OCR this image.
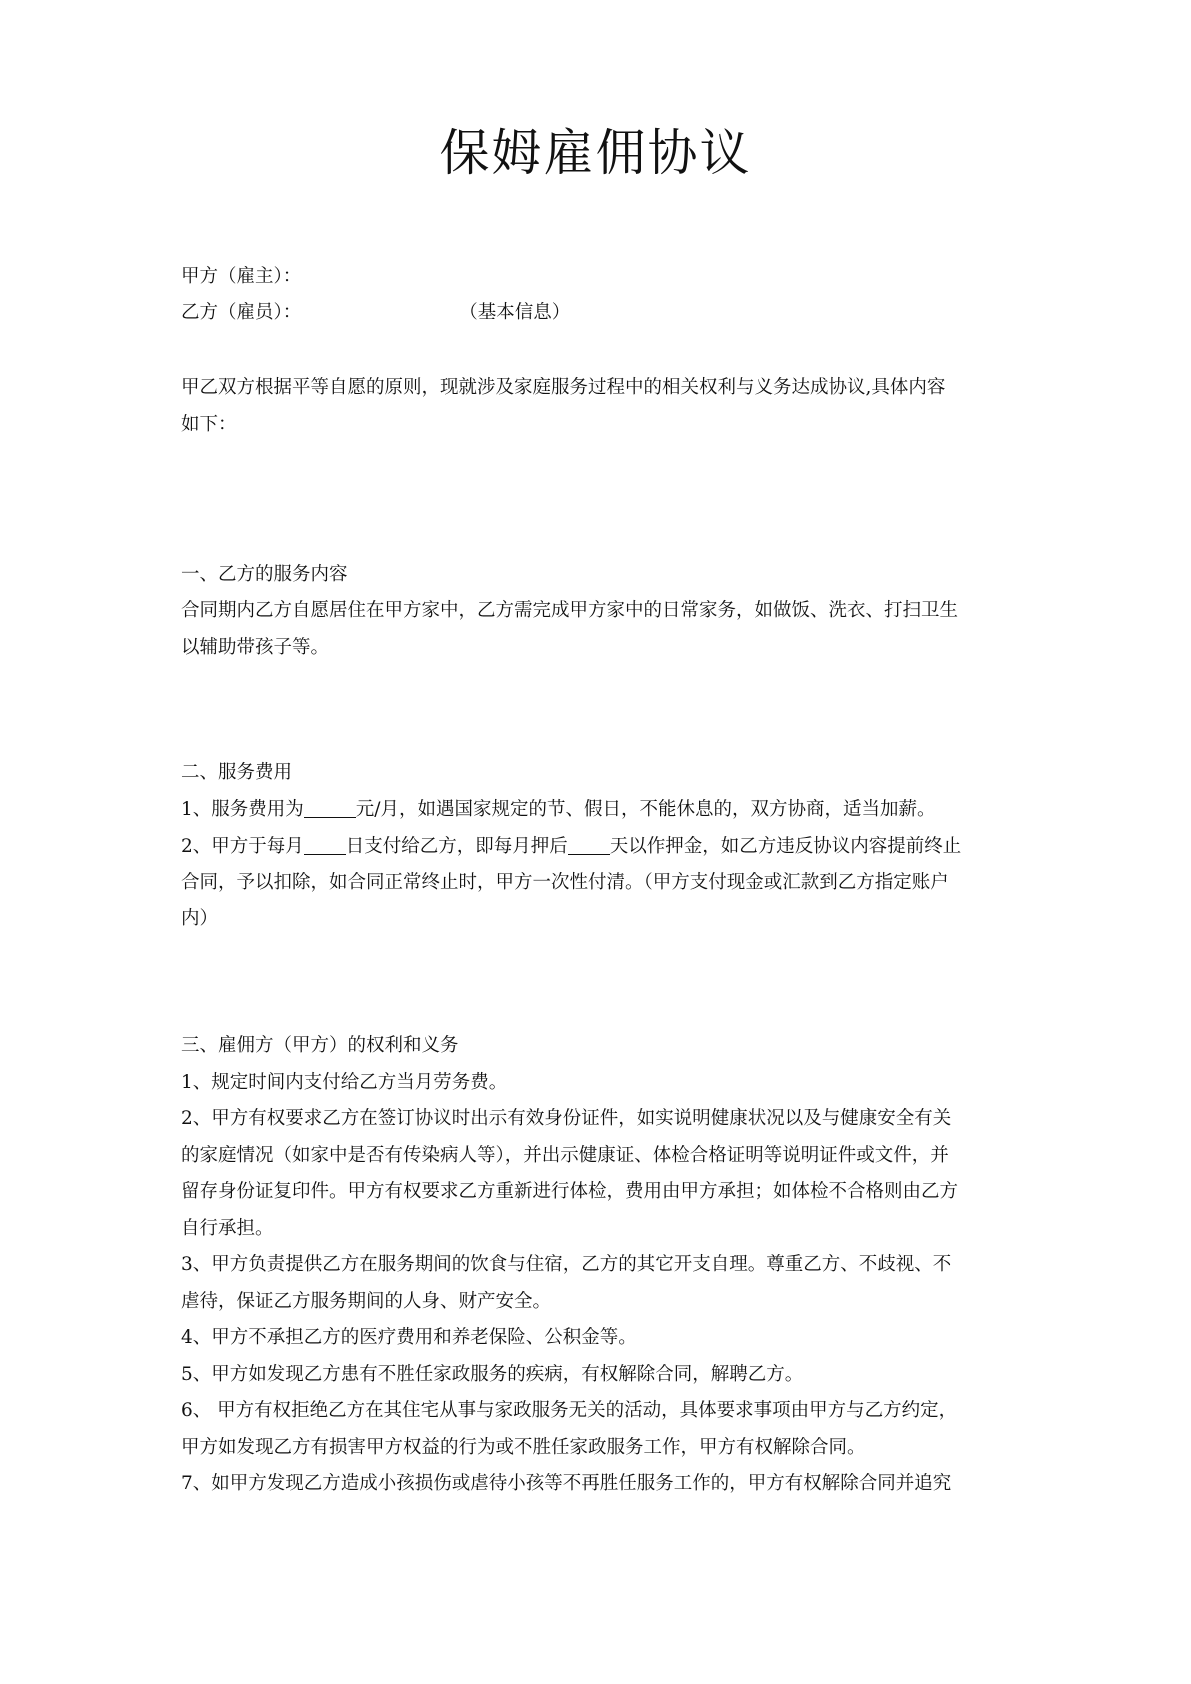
保姆雇佣协议

甲方（雇主）：

乙方（雇员）：	（基本信息）

甲乙双方根据平等自愿的原则，现就涉及家庭服务过程中的相关权利与义务达成协议,具体内容

如下：

一、乙方的服务内容

合同期内乙方自愿居住在甲方家中，乙方需完成甲方家中的日常家务，如做饭、洗衣、打扫卫生

以辅助带孩子等。

二、服务费用

1、服务费用为	元/月，如遇国家规定的节、假日，不能休息的，双方协商，适当加薪。

2、甲方于每月 日支付给乙方，即每月押后 天以作押金，如乙方违反协议内容提前终止

合同，予以扣除，如合同正常终止时，甲方一次性付清。（甲方支付现金或汇款到乙方指定账户

内）

三、雇佣方（甲方）的权利和义务

1、规定时间内支付给乙方当月劳务费。

2、甲方有权要求乙方在签订协议时出示有效身份证件，如实说明健康状况以及与健康安全有关

的家庭情况（如家中是否有传染病人等），并出示健康证、体检合格证明等说明证件或文件，并

留存身份证复印件。甲方有权要求乙方重新进行体检，费用由甲方承担；如体检不合格则由乙方

自行承担。

3、甲方负责提供乙方在服务期间的饮食与住宿，乙方的其它开支自理。尊重乙方、不歧视、不

虐待，保证乙方服务期间的人身、财产安全。

4、甲方不承担乙方的医疗费用和养老保险、公积金等。

5、甲方如发现乙方患有不胜任家政服务的疾病，有权解除合同，解聘乙方。

6、 甲方有权拒绝乙方在其住宅从事与家政服务无关的活动，具体要求事项由甲方与乙方约定，

甲方如发现乙方有损害甲方权益的行为或不胜任家政服务工作，甲方有权解除合同。

7、如甲方发现乙方造成小孩损伤或虐待小孩等不再胜任服务工作的，甲方有权解除合同并追究
